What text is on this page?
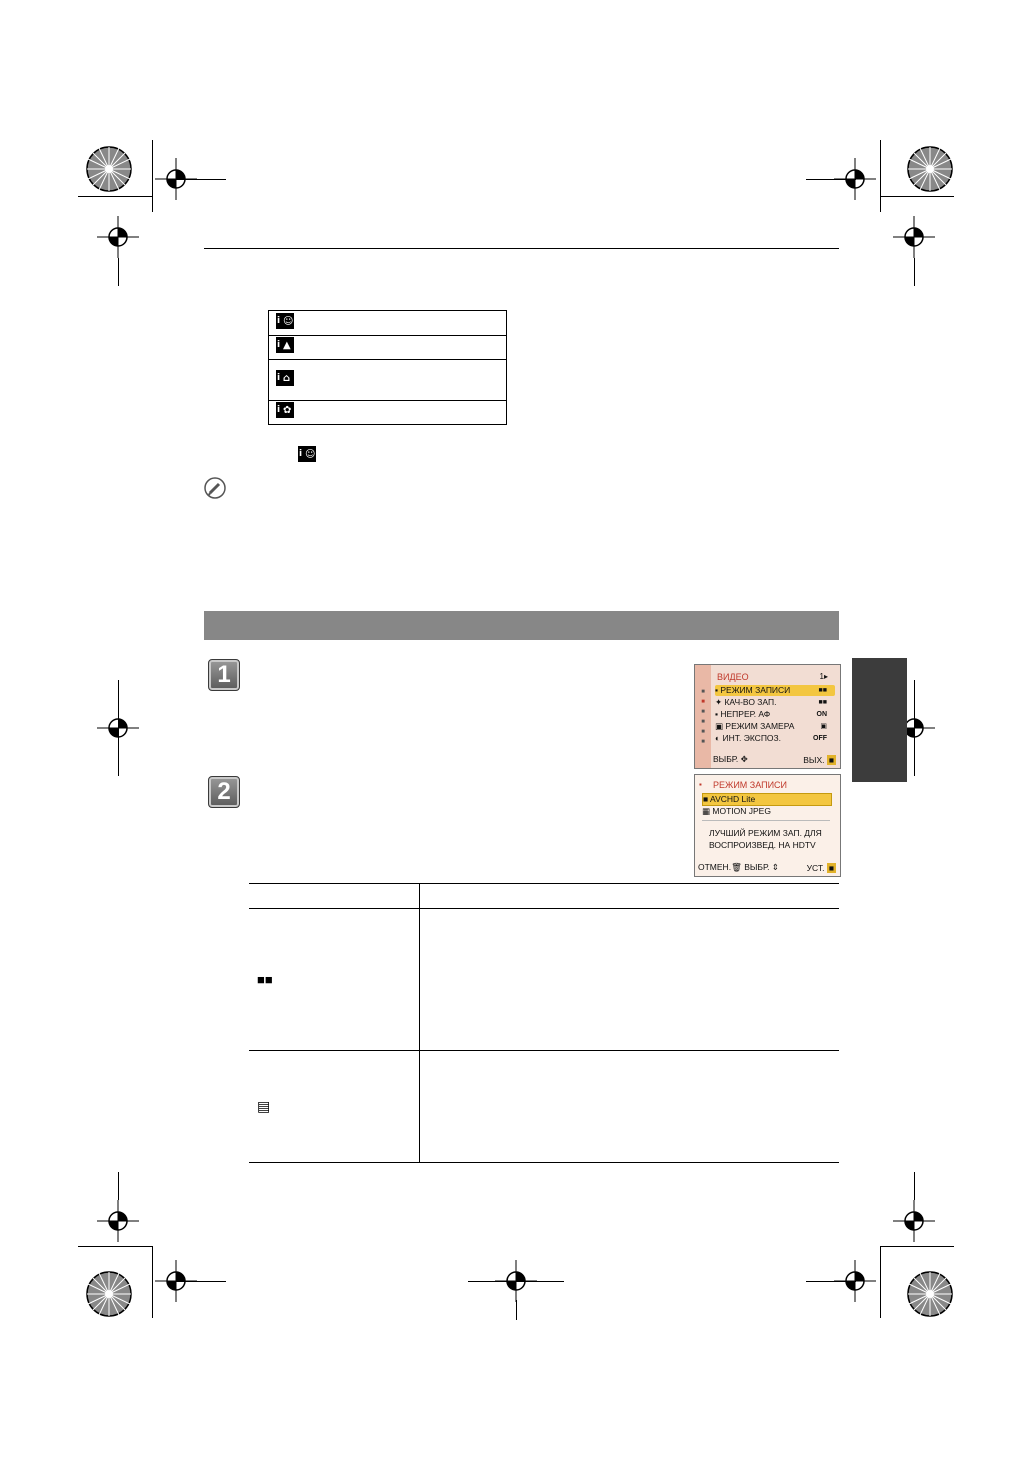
i ☺

i ▲

i ⌂

i ✿
i ☺
1
■
■
■
■
■
■
ВИДЕО	1▸
▪ РЕЖИМ ЗАПИСИ	■■
✦ КАЧ-ВО ЗАП.	■■
▪ НЕПРЕР. АФ	ON
▣ РЕЖИМ ЗАМЕРА	▣
◐ ИНТ. ЭКСПОЗ.	OFF
ВЫБР. ✥	ВЫХ. ■
2	▪ РЕЖИМ ЗАПИСИ
■ AVCHD Lite
▦ MOTION JPEG
ЛУЧШИЙ РЕЖИМ ЗАП. ДЛЯ
ВОСПРОИЗВЕД. НА HDTV
ОТМЕН.🗑 ВЫБР. ⇕	УСТ. ■

■■	
▤	
